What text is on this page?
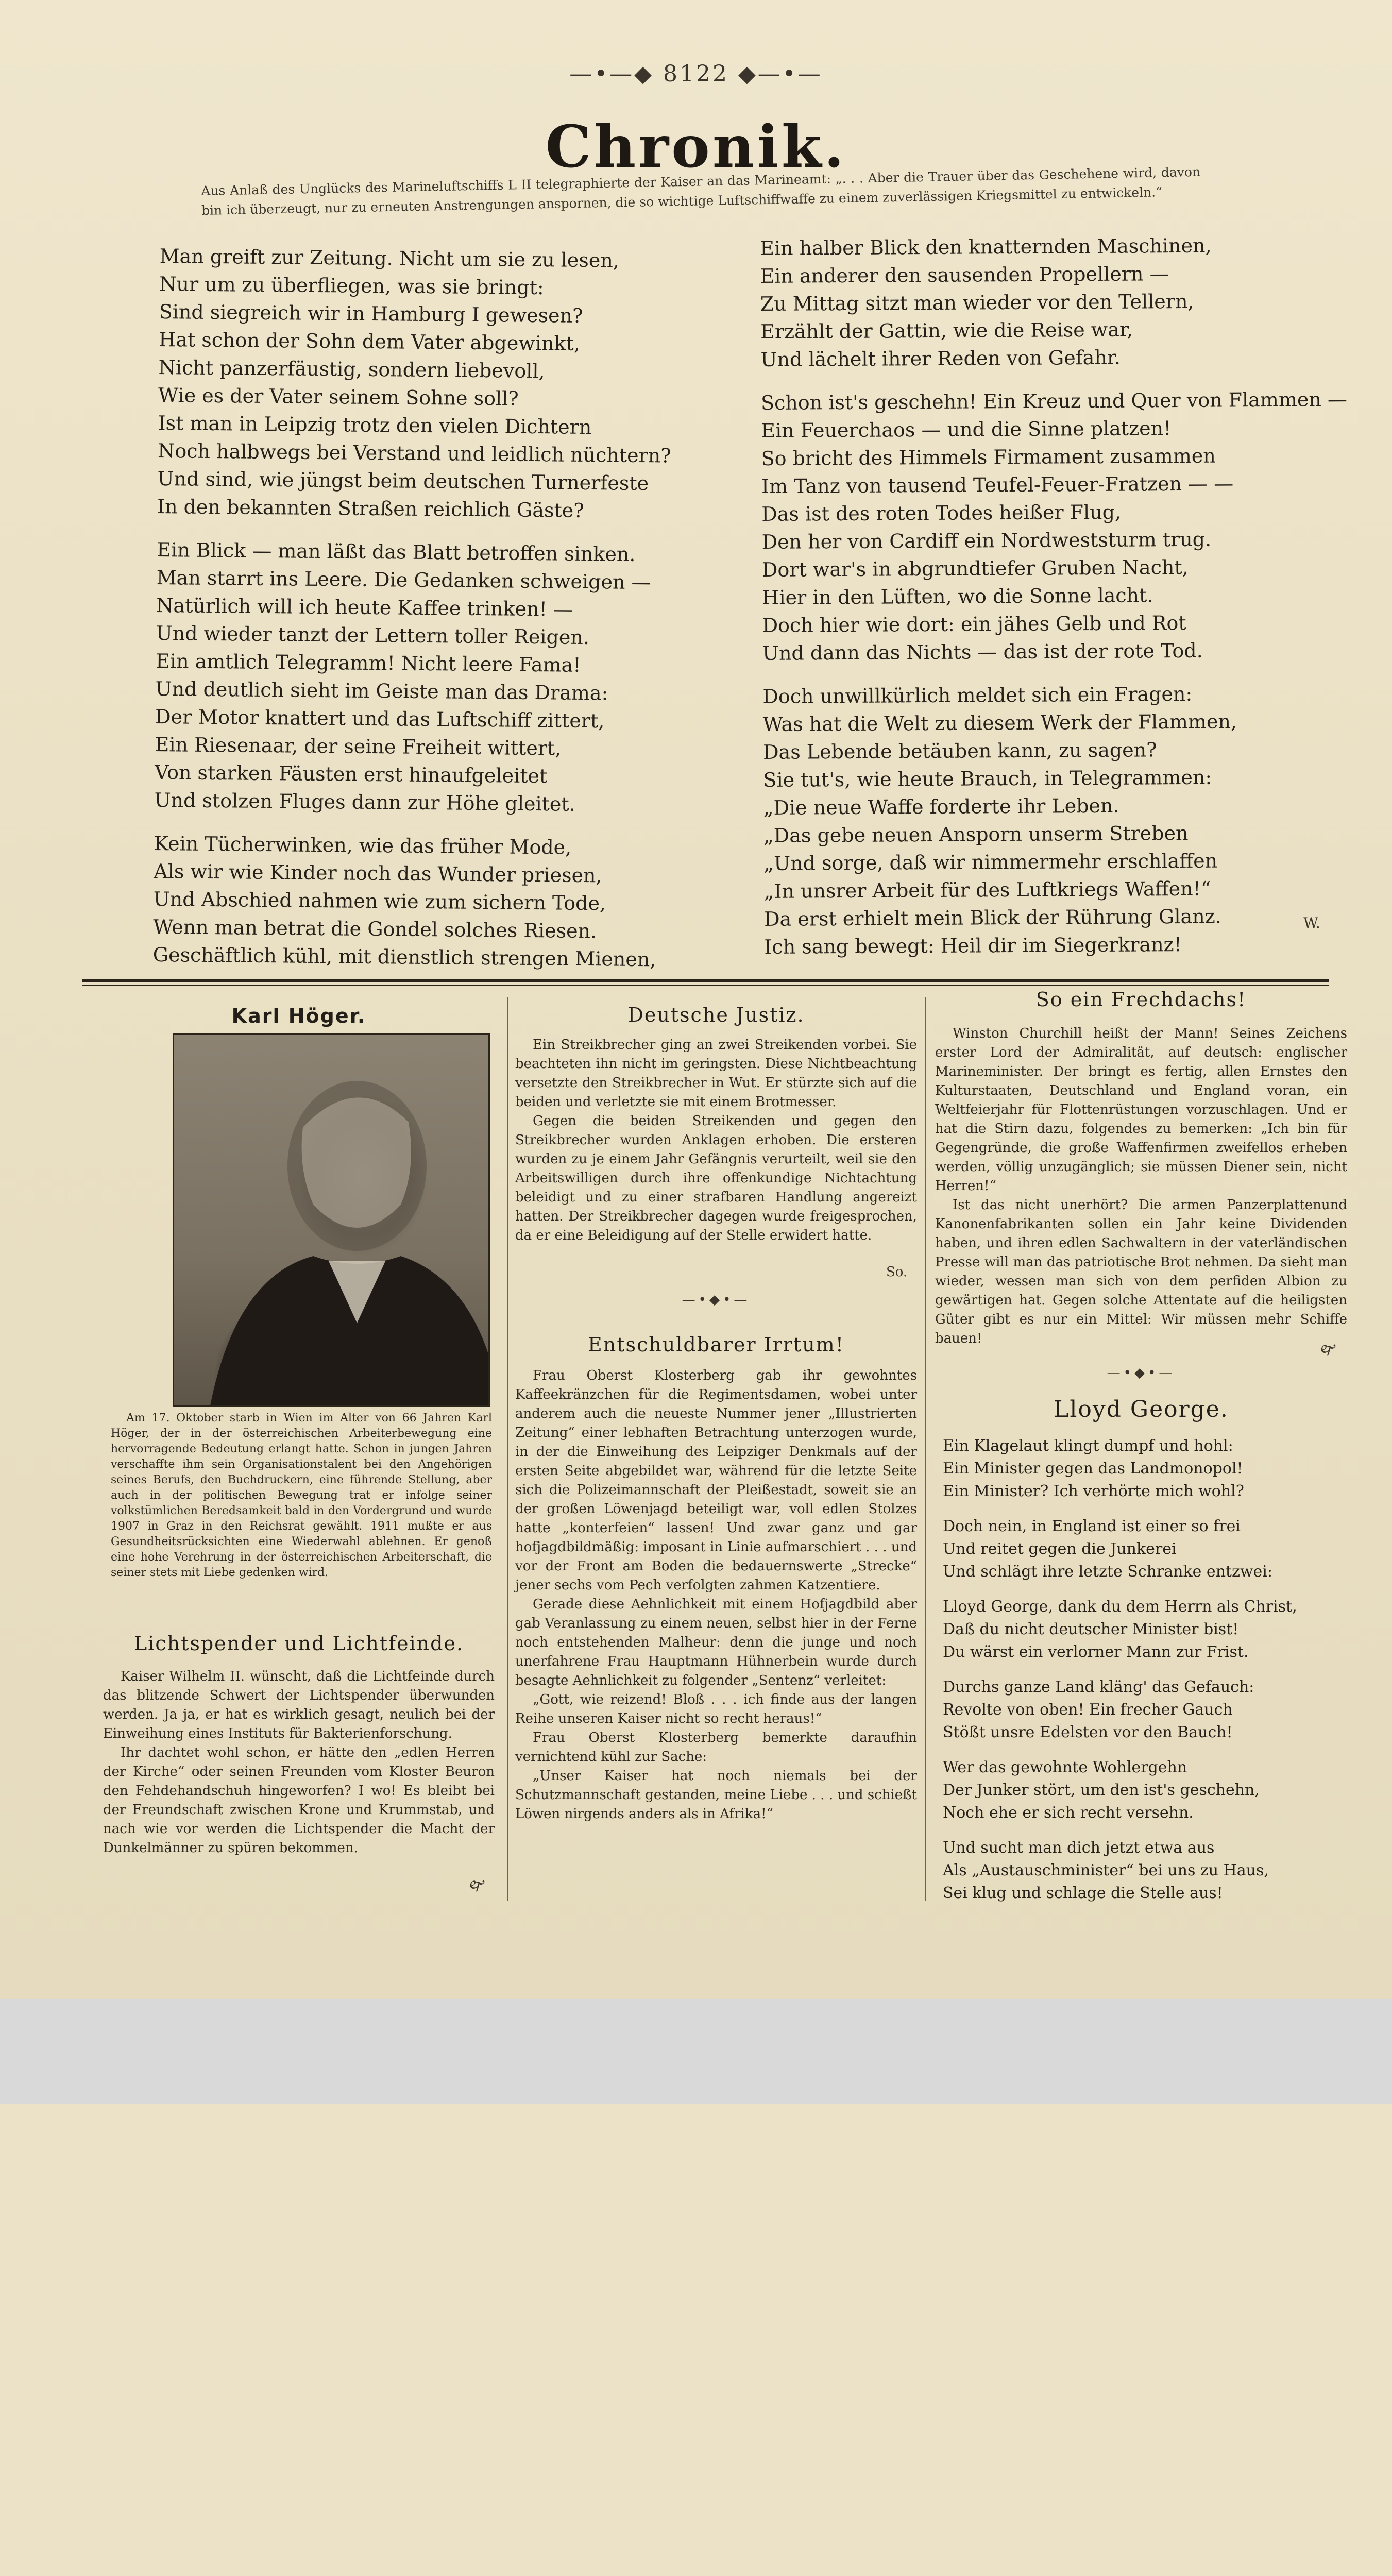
—•—◆ 8122 ◆—•—
Chronik.
Aus Anlaß des Unglücks des Marineluftschiffs L II telegraphierte der Kaiser an das Marineamt: „. . . Aber die Trauer über das Geschehene wird, davon bin ich überzeugt, nur zu erneuten Anstrengungen anspornen, die so wichtige Luftschiffwaffe zu einem zuverlässigen Kriegsmittel zu entwickeln.“

Man greift zur Zeitung. Nicht um sie zu lesen,
Nur um zu überfliegen, was sie bringt:
Sind siegreich wir in Hamburg I gewesen?
Hat schon der Sohn dem Vater abgewinkt,
Nicht panzerfäustig, sondern liebevoll,
Wie es der Vater seinem Sohne soll?
Ist man in Leipzig trotz den vielen Dichtern
Noch halbwegs bei Verstand und leidlich nüchtern?
Und sind, wie jüngst beim deutschen Turnerfeste
In den bekannten Straßen reichlich Gäste?

Ein Blick — man läßt das Blatt betroffen sinken.
Man starrt ins Leere. Die Gedanken schweigen —
Natürlich will ich heute Kaffee trinken! —
Und wieder tanzt der Lettern toller Reigen.
Ein amtlich Telegramm! Nicht leere Fama!
Und deutlich sieht im Geiste man das Drama:
Der Motor knattert und das Luftschiff zittert,
Ein Riesenaar, der seine Freiheit wittert,
Von starken Fäusten erst hinaufgeleitet
Und stolzen Fluges dann zur Höhe gleitet.

Kein Tücherwinken, wie das früher Mode,
Als wir wie Kinder noch das Wunder priesen,
Und Abschied nahmen wie zum sichern Tode,
Wenn man betrat die Gondel solches Riesen.
Geschäftlich kühl, mit dienstlich strengen Mienen,

Ein halber Blick den knatternden Maschinen,
Ein anderer den sausenden Propellern —
Zu Mittag sitzt man wieder vor den Tellern,
Erzählt der Gattin, wie die Reise war,
Und lächelt ihrer Reden von Gefahr.

Schon ist's geschehn! Ein Kreuz und Quer von Flammen —
Ein Feuerchaos — und die Sinne platzen!
So bricht des Himmels Firmament zusammen
Im Tanz von tausend Teufel-Feuer-Fratzen — —
Das ist des roten Todes heißer Flug,
Den her von Cardiff ein Nordweststurm trug.
Dort war's in abgrundtiefer Gruben Nacht,
Hier in den Lüften, wo die Sonne lacht.
Doch hier wie dort: ein jähes Gelb und Rot
Und dann das Nichts — das ist der rote Tod.

Doch unwillkürlich meldet sich ein Fragen:
Was hat die Welt zu diesem Werk der Flammen,
Das Lebende betäuben kann, zu sagen?
Sie tut's, wie heute Brauch, in Telegrammen:
„Die neue Waffe forderte ihr Leben.
„Das gebe neuen Ansporn unserm Streben
„Und sorge, daß wir nimmermehr erschlaffen
„In unsrer Arbeit für des Luftkriegs Waffen!“
Da erst erhielt mein Blick der Rührung Glanz.
Ich sang bewegt: Heil dir im Siegerkranz!

W.
Karl Höger.

Am 17. Oktober starb in Wien im Alter von 66 Jahren Karl Höger, der in der österreichischen Arbeiterbewegung eine hervorragende Bedeutung erlangt hatte. Schon in jungen Jahren verschaffte ihm sein Organisationstalent bei den Angehörigen seines Berufs, den Buchdruckern, eine führende Stellung, aber auch in der politischen Bewegung trat er infolge seiner volkstümlichen Beredsamkeit bald in den Vordergrund und wurde 1907 in Graz in den Reichsrat gewählt. 1911 mußte er aus Gesundheitsrücksichten eine Wiederwahl ablehnen. Er genoß eine hohe Verehrung in der österreichischen Arbeiterschaft, die seiner stets mit Liebe gedenken wird.

Lichtspender und Lichtfeinde.

Kaiser Wilhelm II. wünscht, daß die Lichtfeinde durch das blitzende Schwert der Lichtspender überwunden werden. Ja ja, er hat es wirklich gesagt, neulich bei der Einweihung eines Instituts für Bakterienforschung.

Ihr dachtet wohl schon, er hätte den „edlen Herren der Kirche“ oder seinen Freunden vom Kloster Beuron den Fehdehandschuh hingeworfen? I wo! Es bleibt bei der Freundschaft zwischen Krone und Krummstab, und nach wie vor werden die Lichtspender die Macht der Dunkelmänner zu spüren bekommen.

🙰
Deutsche Justiz.

Ein Streikbrecher ging an zwei Streikenden vorbei. Sie beachteten ihn nicht im geringsten. Diese Nichtbeachtung versetzte den Streikbrecher in Wut. Er stürzte sich auf die beiden und verletzte sie mit einem Brotmesser.

Gegen die beiden Streikenden und gegen den Streikbrecher wurden Anklagen erhoben. Die ersteren wurden zu je einem Jahr Gefängnis verurteilt, weil sie den Arbeitswilligen durch ihre offenkundige Nichtachtung beleidigt und zu einer strafbaren Handlung angereizt hatten. Der Streikbrecher dagegen wurde freigesprochen, da er eine Beleidigung auf der Stelle erwidert hatte.

So.
—•◆•—
Entschuldbarer Irrtum!

Frau Oberst Klosterberg gab ihr gewohntes Kaffeekränzchen für die Regimentsdamen, wobei unter anderem auch die neueste Nummer jener „Illustrierten Zeitung“ einer lebhaften Betrachtung unterzogen wurde, in der die Einweihung des Leipziger Denkmals auf der ersten Seite abgebildet war, während für die letzte Seite sich die Polizeimannschaft der Pleißestadt, soweit sie an der großen Löwenjagd beteiligt war, voll edlen Stolzes hatte „konterfeien“ lassen! Und zwar ganz und gar hofjagdbildmäßig: imposant in Linie aufmarschiert . . . und vor der Front am Boden die bedauernswerte „Strecke“ jener sechs vom Pech verfolgten zahmen Katzentiere.

Gerade diese Aehnlichkeit mit einem Hofjagdbild aber gab Veranlassung zu einem neuen, selbst hier in der Ferne noch entstehenden Malheur: denn die junge und noch unerfahrene Frau Hauptmann Hühnerbein wurde durch besagte Aehnlichkeit zu folgender „Sentenz“ verleitet:

„Gott, wie reizend! Bloß . . . ich finde aus der langen Reihe unseren Kaiser nicht so recht heraus!“

Frau Oberst Klosterberg bemerkte daraufhin vernichtend kühl zur Sache:

„Unser Kaiser hat noch niemals bei der Schutzmannschaft gestanden, meine Liebe . . . und schießt Löwen nirgends anders als in Afrika!“

So ein Frechdachs!

Winston Churchill heißt der Mann! Seines Zeichens erster Lord der Admiralität, auf deutsch: englischer Marineminister. Der bringt es fertig, allen Ernstes den Kulturstaaten, Deutschland und England voran, ein Weltfeierjahr für Flottenrüstungen vorzuschlagen. Und er hat die Stirn dazu, folgendes zu bemerken: „Ich bin für Gegengründe, die große Waffenfirmen zweifellos erheben werden, völlig unzugänglich; sie müssen Diener sein, nicht Herren!“

Ist das nicht unerhört? Die armen Panzerplattenund Kanonenfabrikanten sollen ein Jahr keine Dividenden haben, und ihren edlen Sachwaltern in der vaterländischen Presse will man das patriotische Brot nehmen. Da sieht man wieder, wessen man sich von dem perfiden Albion zu gewärtigen hat. Gegen solche Attentate auf die heiligsten Güter gibt es nur ein Mittel: Wir müssen mehr Schiffe bauen!

🙰
—•◆•—
Lloyd George.

Ein Klagelaut klingt dumpf und hohl:
Ein Minister gegen das Landmonopol!
Ein Minister? Ich verhörte mich wohl?

Doch nein, in England ist einer so frei
Und reitet gegen die Junkerei
Und schlägt ihre letzte Schranke entzwei:

Lloyd George, dank du dem Herrn als Christ,
Daß du nicht deutscher Minister bist!
Du wärst ein verlorner Mann zur Frist.

Durchs ganze Land kläng' das Gefauch:
Revolte von oben! Ein frecher Gauch
Stößt unsre Edelsten vor den Bauch!

Wer das gewohnte Wohlergehn
Der Junker stört, um den ist's geschehn,
Noch ehe er sich recht versehn.

Und sucht man dich jetzt etwa aus
Als „Austauschminister“ bei uns zu Haus,
Sei klug und schlage die Stelle aus!
